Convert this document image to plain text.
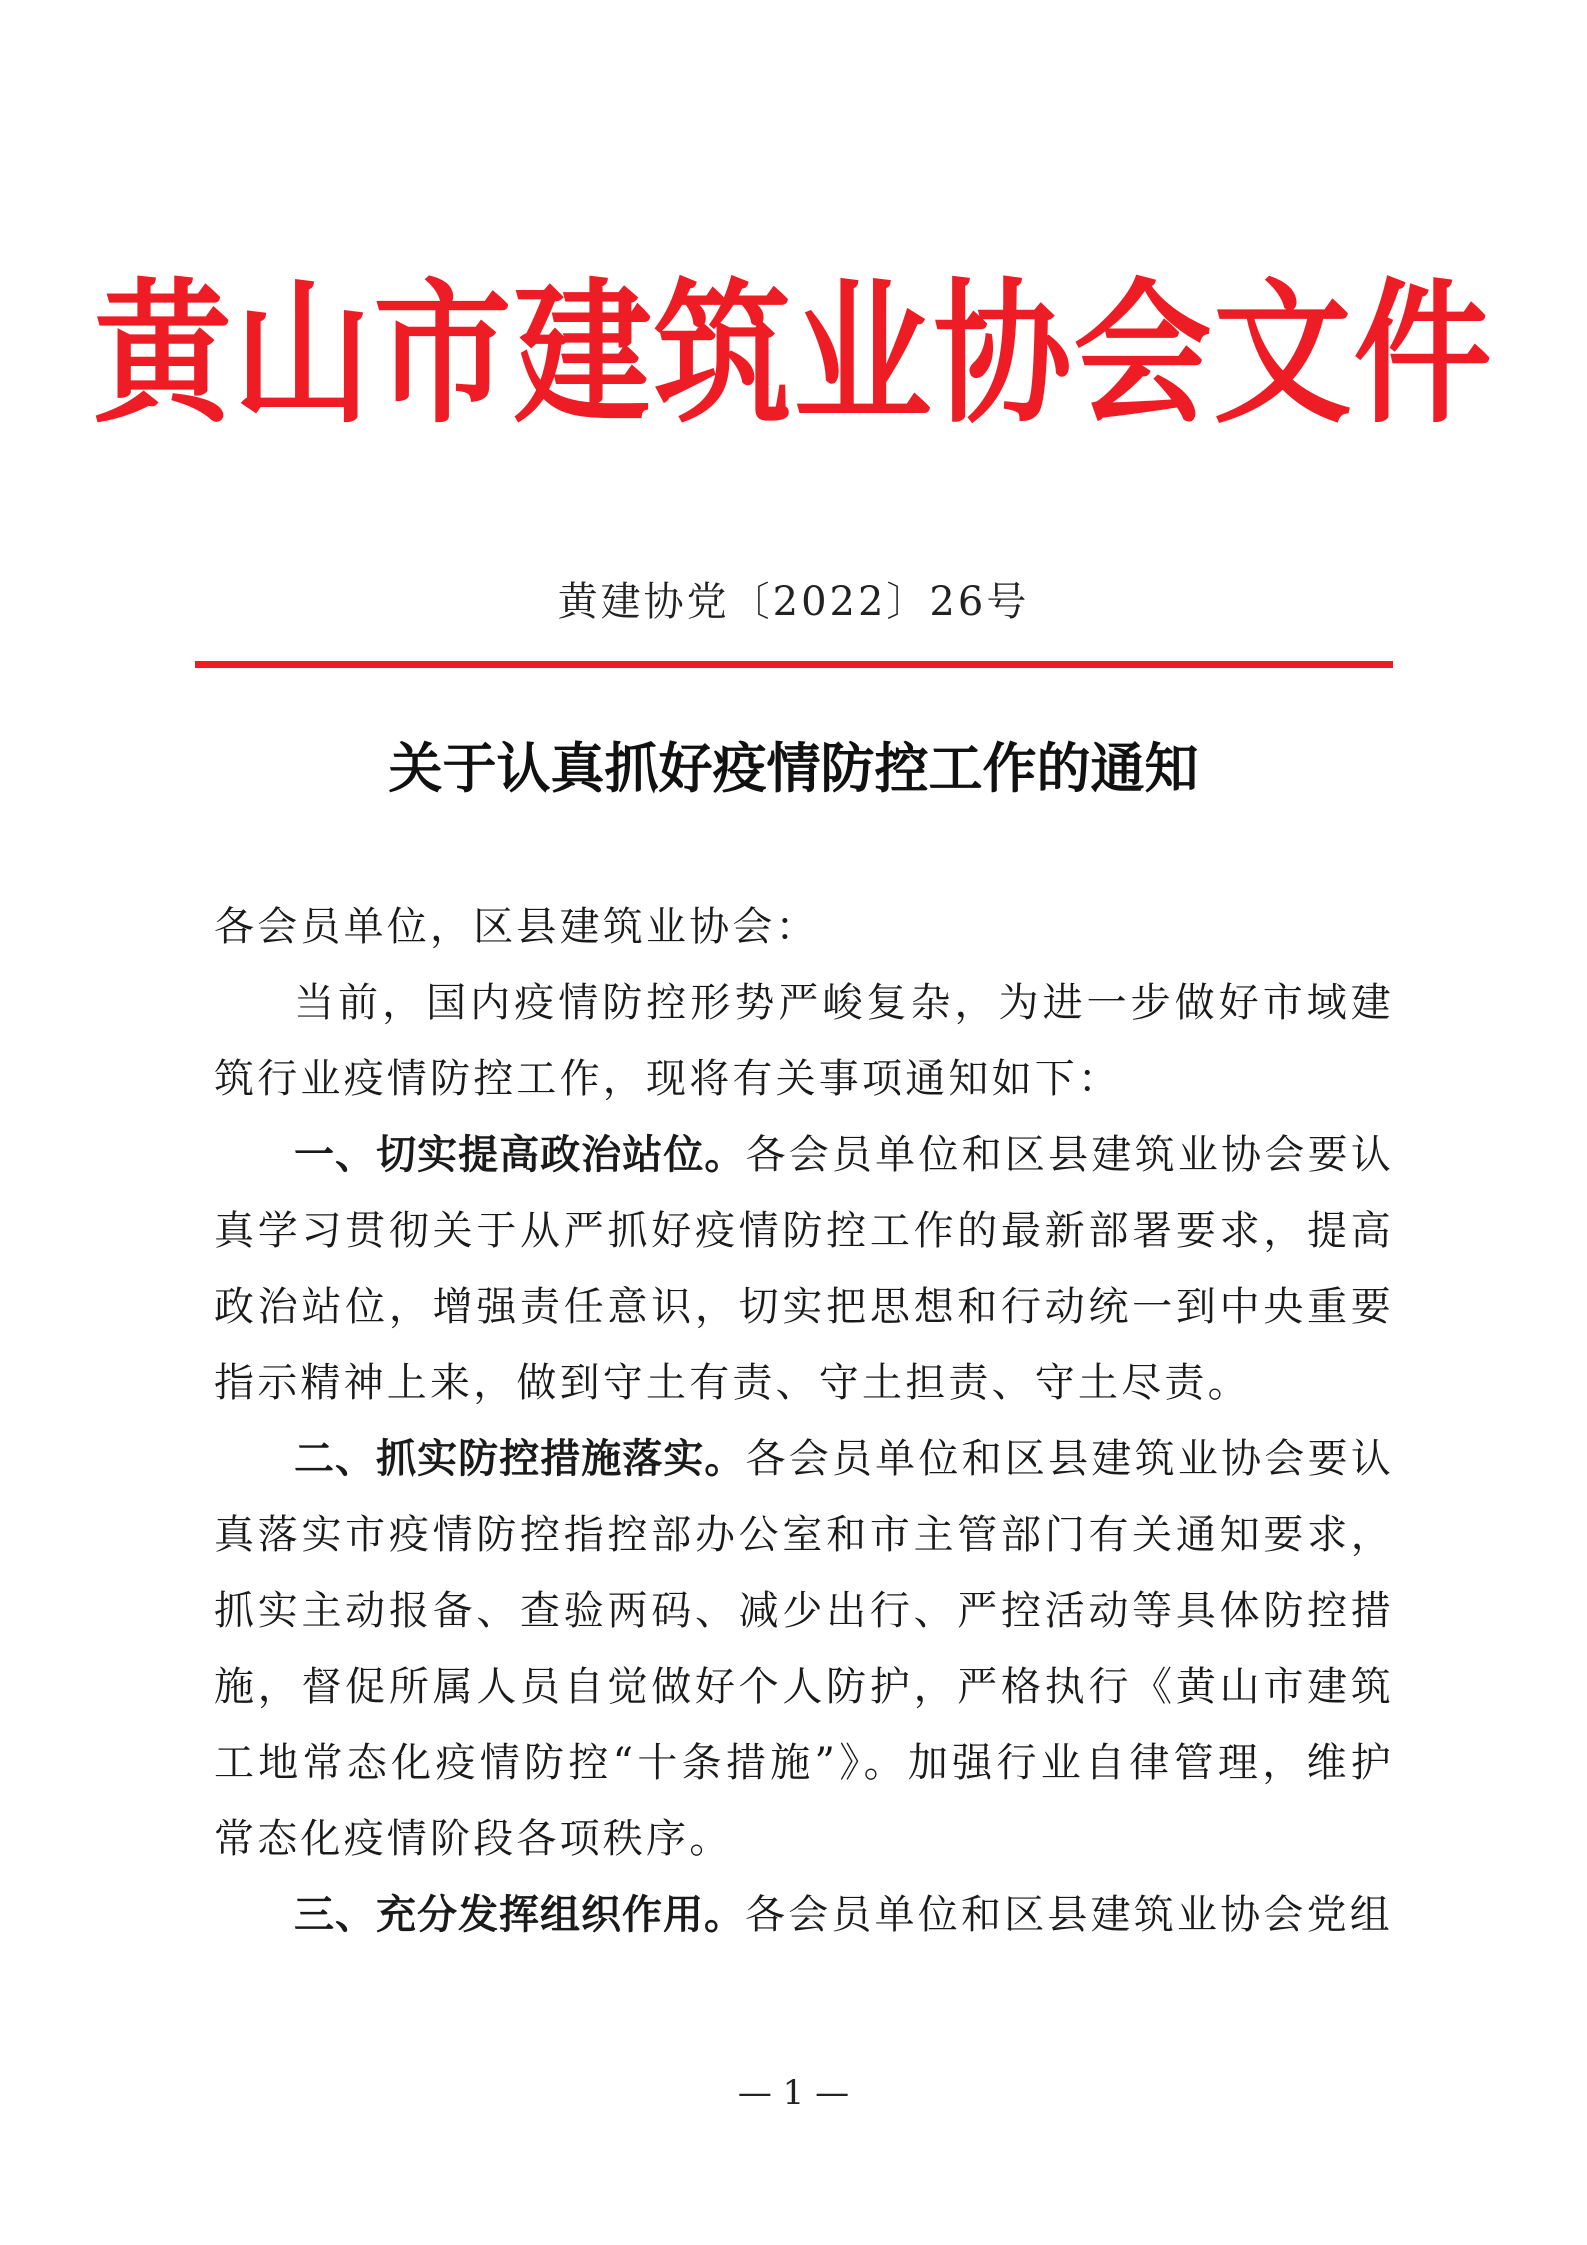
黄山市建筑业协会文件
黄建协党〔2022〕26号
关于认真抓好疫情防控工作的通知

各会员单位，区县建筑业协会：

当前，国内疫情防控形势严峻复杂，为进一步做好市域建筑行业疫情防控工作，现将有关事项通知如下：

一、切实提高政治站位。各会员单位和区县建筑业协会要认真学习贯彻关于从严抓好疫情防控工作的最新部署要求，提高政治站位，增强责任意识，切实把思想和行动统一到中央重要指示精神上来，做到守土有责、守土担责、守土尽责。

二、抓实防控措施落实。各会员单位和区县建筑业协会要认真落实市疫情防控指控部办公室和市主管部门有关通知要求，抓实主动报备、查验两码、减少出行、严控活动等具体防控措施，督促所属人员自觉做好个人防护，严格执行《黄山市建筑工地常态化疫情防控“十条措施”》。加强行业自律管理，维护常态化疫情阶段各项秩序。

三、充分发挥组织作用。各会员单位和区县建筑业协会党组

— 1 —
